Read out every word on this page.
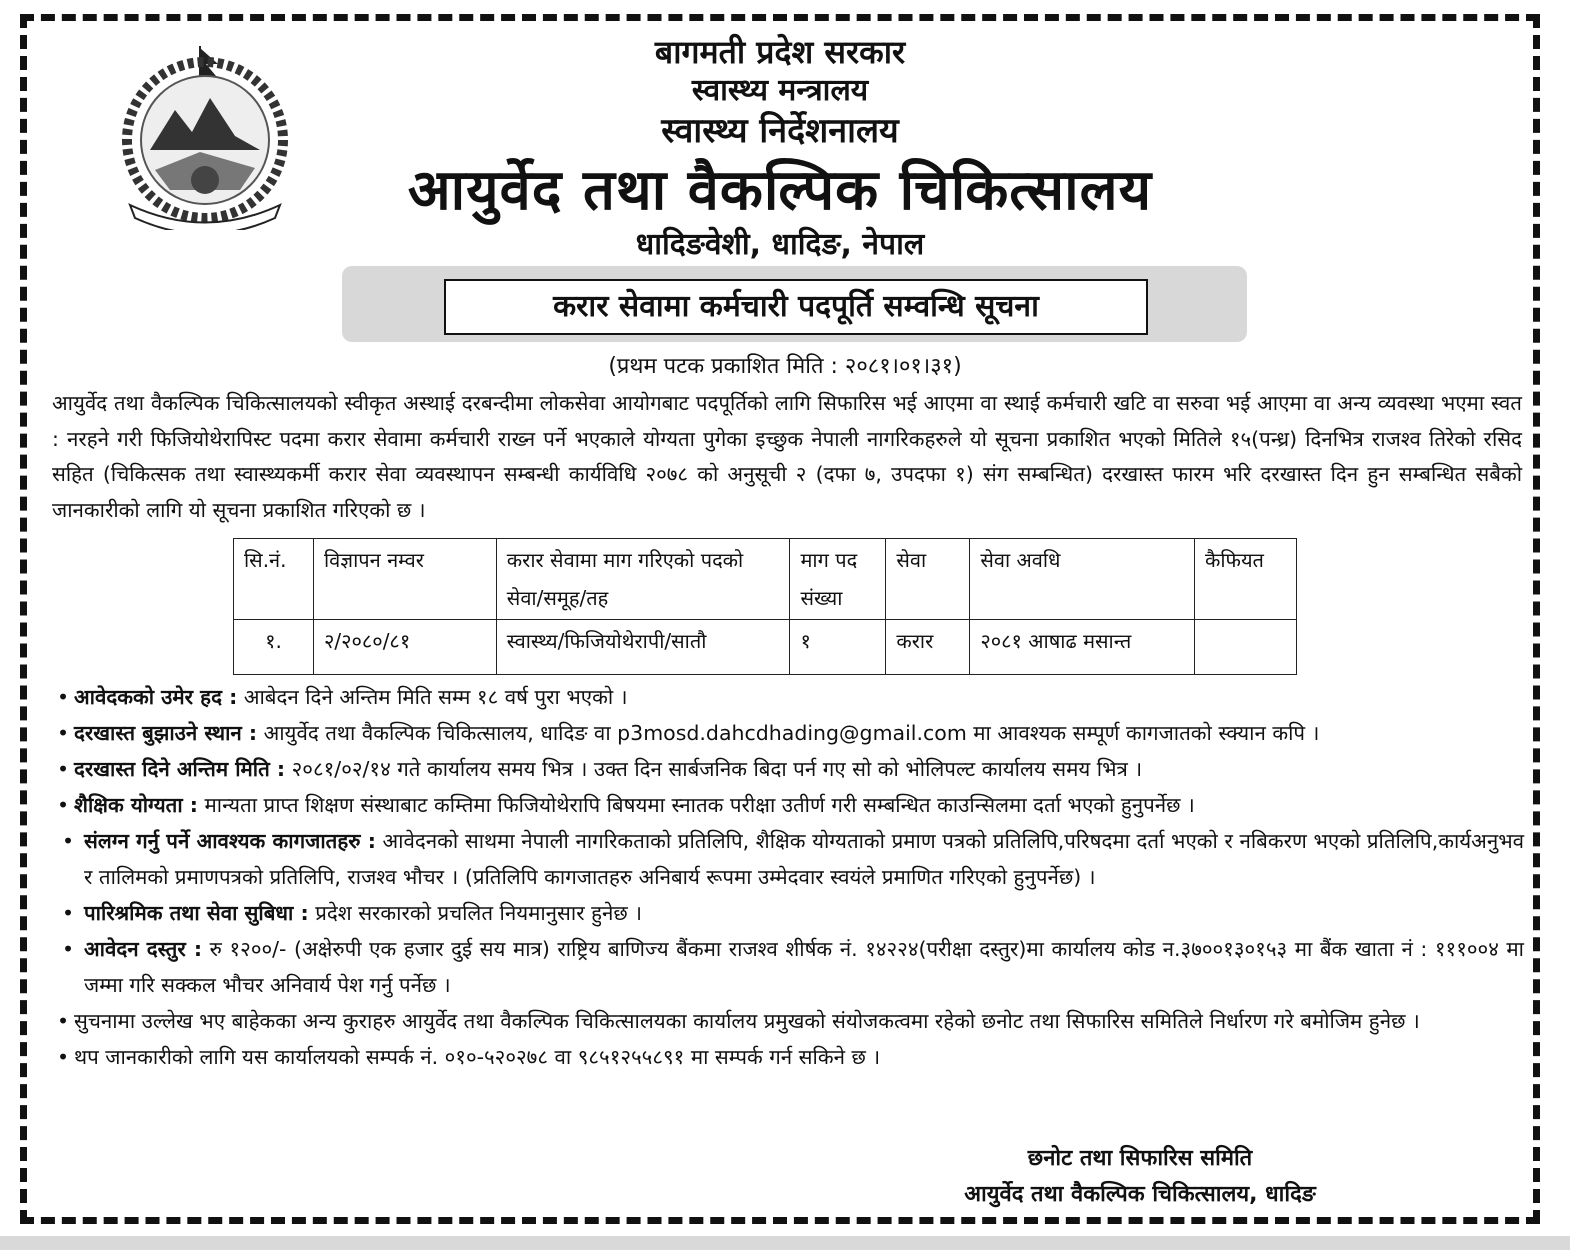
बागमती प्रदेश सरकार
स्वास्थ्य मन्त्रालय
स्वास्थ्य निर्देशनालय
आयुर्वेद तथा वैकल्पिक चिकित्सालय
धादिङवेशी, धादिङ, नेपाल
करार सेवामा कर्मचारी पदपूर्ति सम्वन्धि सूचना
(प्रथम पटक प्रकाशित मिति : २०८१।०१।३१)
आयुर्वेद तथा वैकल्पिक चिकित्सालयको स्वीकृत अस्थाई दरबन्दीमा लोकसेवा आयोगबाट पदपूर्तिको लागि सिफारिस भई आएमा वा स्थाई कर्मचारी खटि वा सरुवा भई आएमा वा अन्य व्यवस्था भएमा स्वत : नरहने गरी फिजियोथेरापिस्ट पदमा करार सेवामा कर्मचारी राख्न पर्ने भएकाले योग्यता पुगेका इच्छुक नेपाली नागरिकहरुले यो सूचना प्रकाशित भएको मितिले १५(पन्ध्र) दिनभित्र राजश्व तिरेको रसिद सहित (चिकित्सक तथा स्वास्थ्यकर्मी करार सेवा व्यवस्थापन सम्बन्धी कार्यविधि २०७८ को अनुसूची २ (दफा ७, उपदफा १) संग सम्बन्धित) दरखास्त फारम भरि दरखास्त दिन हुन सम्बन्धित सबैको जानकारीको लागि यो सूचना प्रकाशित गरिएको छ ।
सि.नं.	विज्ञापन नम्वर	करार सेवामा माग गरिएको पदको सेवा/समूह/तह	माग पद संख्या	सेवा	सेवा अवधि	कैफियत
१.	२/२०८०/८१	स्वास्थ्य/फिजियोथेरापी/सातौ	१	करार	२०८१ आषाढ मसान्त	
• आवेदकको उमेर हद : आबेदन दिने अन्तिम मिति सम्म १८ वर्ष पुरा भएको ।
• दरखास्त बुझाउने स्थान : आयुर्वेद तथा वैकल्पिक चिकित्सालय, धादिङ वा p3mosd.dahcdhading@gmail.com मा आवश्यक सम्पूर्ण कागजातको स्क्यान कपि ।
• दरखास्त दिने अन्तिम मिति : २०८१/०२/१४ गते कार्यालय समय भित्र । उक्त दिन सार्बजनिक बिदा पर्न गए सो को भोलिपल्ट कार्यालय समय भित्र ।
• शैक्षिक योग्यता : मान्यता प्राप्त शिक्षण संस्थाबाट कम्तिमा फिजियोथेरापि बिषयमा स्नातक परीक्षा उतीर्ण गरी सम्बन्धित काउन्सिलमा दर्ता भएको हुनुपर्नेछ ।
• संलग्न गर्नु पर्ने आवश्यक कागजातहरु : आवेदनको साथमा नेपाली नागरिकताको प्रतिलिपि, शैक्षिक योग्यताको प्रमाण पत्रको प्रतिलिपि,परिषदमा दर्ता भएको र नबिकरण भएको प्रतिलिपि,कार्यअनुभव र तालिमको प्रमाणपत्रको प्रतिलिपि, राजश्व भौचर । (प्रतिलिपि कागजातहरु अनिबार्य रूपमा उम्मेदवार स्वयंले प्रमाणित गरिएको हुनुपर्नेछ) ।
• पारिश्रमिक तथा सेवा सुबिधा : प्रदेश सरकारको प्रचलित नियमानुसार हुनेछ ।
• आवेदन दस्तुर : रु १२००/- (अक्षेरुपी एक हजार दुई सय मात्र) राष्ट्रिय बाणिज्य बैंकमा राजश्व शीर्षक नं. १४२२४(परीक्षा दस्तुर)मा कार्यालय कोड न.३७००१३०१५३ मा बैंक खाता नं : १११००४ मा जम्मा गरि सक्कल भौचर अनिवार्य पेश गर्नु पर्नेछ ।
• सुचनामा उल्लेख भए बाहेकका अन्य कुराहरु आयुर्वेद तथा वैकल्पिक चिकित्सालयका कार्यालय प्रमुखको संयोजकत्वमा रहेको छनोट तथा सिफारिस समितिले निर्धारण गरे बमोजिम हुनेछ ।
• थप जानकारीको लागि यस कार्यालयको सम्पर्क नं. ०१०-५२०२७८ वा ९८५१२५५८९१ मा सम्पर्क गर्न सकिने छ ।
छनोट तथा सिफारिस समिति
आयुर्वेद तथा वैकल्पिक चिकित्सालय, धादिङ
